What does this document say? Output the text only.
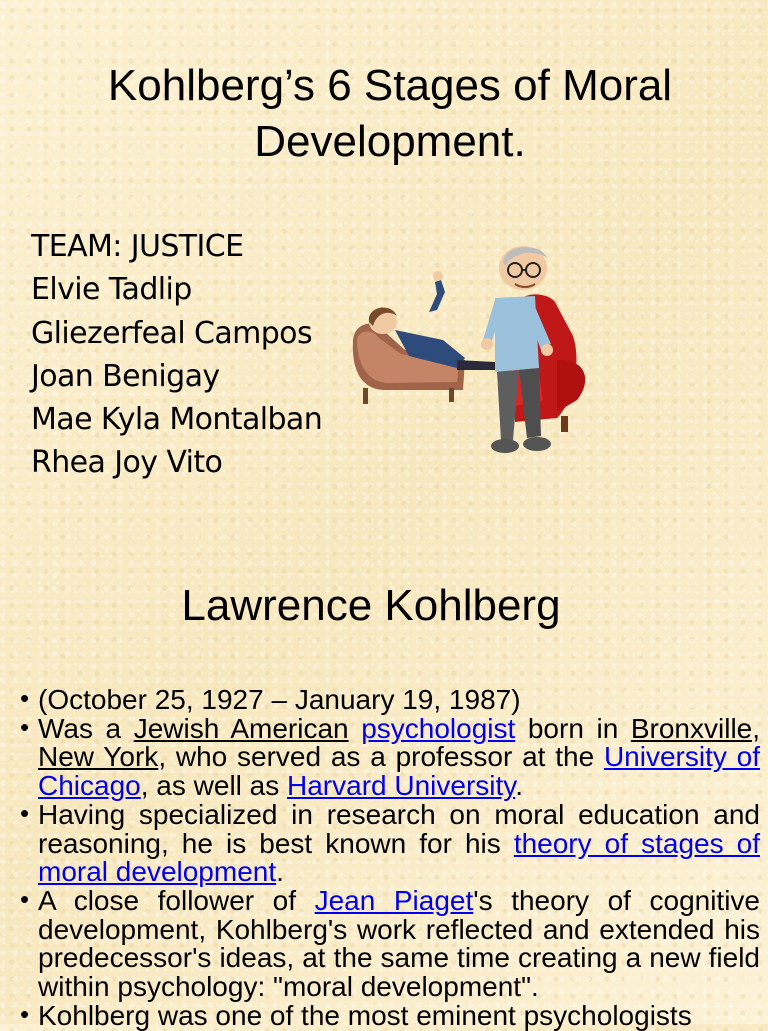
Kohlberg’s 6 Stages of Moral Development.
TEAM: JUSTICE
Elvie Tadlip
Gliezerfeal Campos
Joan Benigay
Mae Kyla Montalban
Rhea Joy Vito
Lawrence Kohlberg
• (October 25, 1927 – January 19, 1987)
• Was a Jewish American psychologist born in Bronxville, New York, who served as a professor at the University of Chicago, as well as Harvard University.
• Having specialized in research on moral education and reasoning, he is best known for his theory of stages of moral development.
• A close follower of Jean Piaget's theory of cognitive development, Kohlberg's work reflected and extended his predecessor's ideas, at the same time creating a new field within psychology: "moral development".
• Kohlberg was one of the most eminent psychologists
